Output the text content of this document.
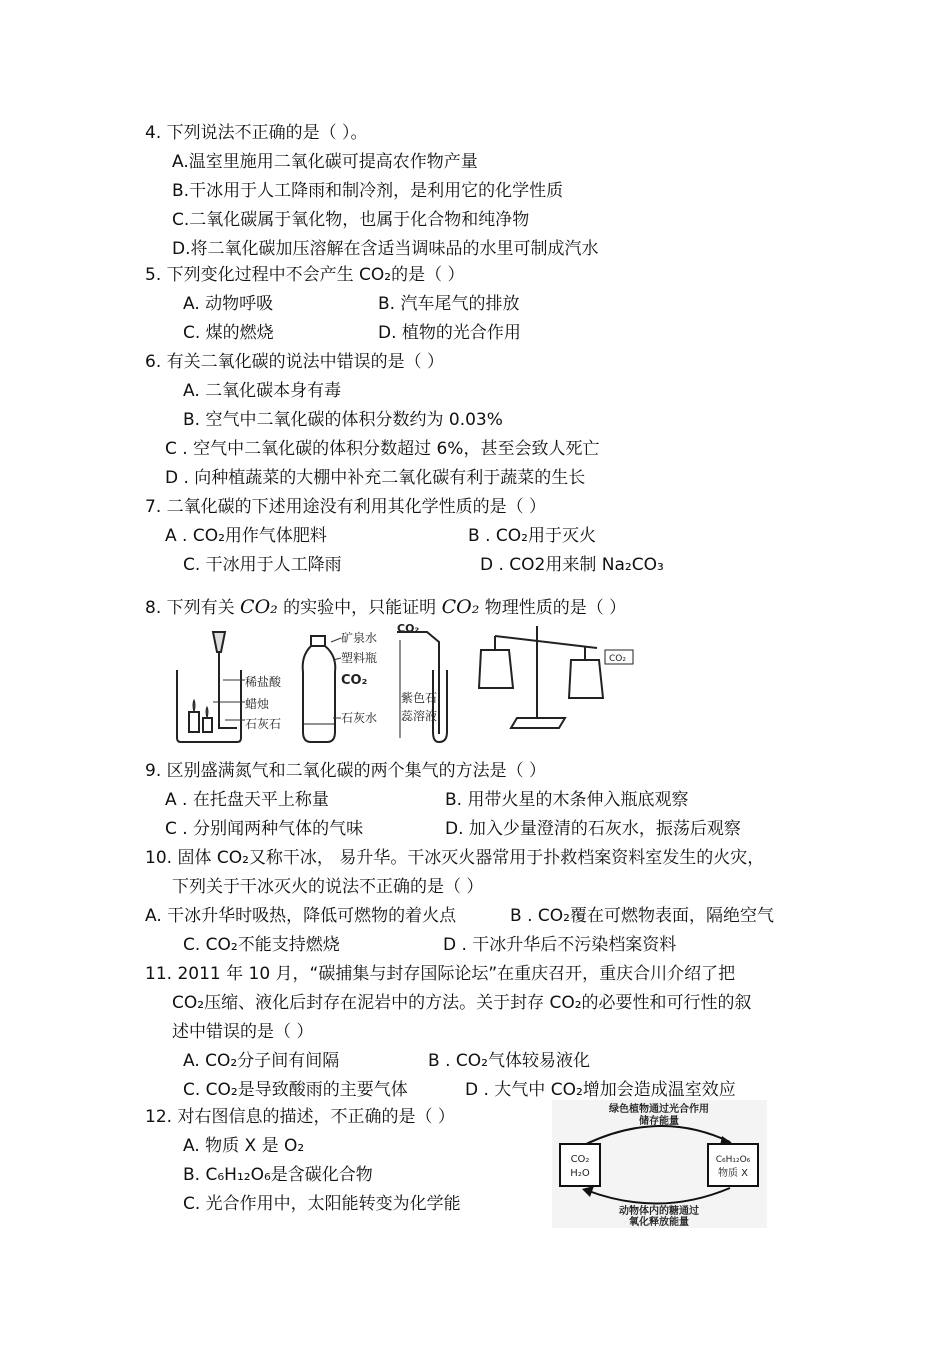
4. 下列说法不正确的是（ ）。
A.温室里施用二氧化碳可提高农作物产量
B.干冰用于人工降雨和制冷剂，是利用它的化学性质
C.二氧化碳属于氧化物，也属于化合物和纯净物
D.将二氧化碳加压溶解在含适当调味品的水里可制成汽水
5. 下列变化过程中不会产生 CO₂的是（ ）
A. 动物呼吸	B. 汽车尾气的排放
C. 煤的燃烧	D. 植物的光合作用
6. 有关二氧化碳的说法中错误的是（ ）
A. 二氧化碳本身有毒
B. 空气中二氧化碳的体积分数约为 0.03%
C . 空气中二氧化碳的体积分数超过 6%，甚至会致人死亡
D . 向种植蔬菜的大棚中补充二氧化碳有利于蔬菜的生长
7. 二氧化碳的下述用途没有利用其化学性质的是（ ）
A . CO₂用作气体肥料	B . CO₂用于灭火
C. 干冰用于人工降雨	D . CO2用来制 Na₂CO₃
8. 下列有关 CO₂ 的实验中，只能证明 CO₂ 物理性质的是（ ）
稀盐酸
蜡烛
石灰石
矿泉水
塑料瓶
CO₂
石灰水
CO₂
紫色石
蕊溶液
CO₂
9. 区别盛满氮气和二氧化碳的两个集气的方法是（ ）
A . 在托盘天平上称量	B. 用带火星的木条伸入瓶底观察
C . 分别闻两种气体的气味	D. 加入少量澄清的石灰水，振荡后观察
10. 固体 CO₂又称干冰， 易升华。干冰灭火器常用于扑救档案资料室发生的火灾，
下列关于干冰灭火的说法不正确的是（ ）
A. 干冰升华时吸热，降低可燃物的着火点	B . CO₂覆在可燃物表面，隔绝空气
C. CO₂不能支持燃烧	D . 干冰升华后不污染档案资料
11. 2011 年 10 月，“碳捕集与封存国际论坛”在重庆召开，重庆合川介绍了把
CO₂压缩、液化后封存在泥岩中的方法。关于封存 CO₂的必要性和可行性的叙
述中错误的是（ ）
A. CO₂分子间有间隔	B . CO₂气体较易液化
C. CO₂是导致酸雨的主要气体	D . 大气中 CO₂增加会造成温室效应
12. 对右图信息的描述，不正确的是（ ）
A. 物质 X 是 O₂
B. C₆H₁₂O₆是含碳化合物
C. 光合作用中，太阳能转变为化学能
绿色植物通过光合作用
储存能量
CO₂
H₂O
C₆H₁₂O₆
物质 X
动物体内的糖通过
氧化释放能量
